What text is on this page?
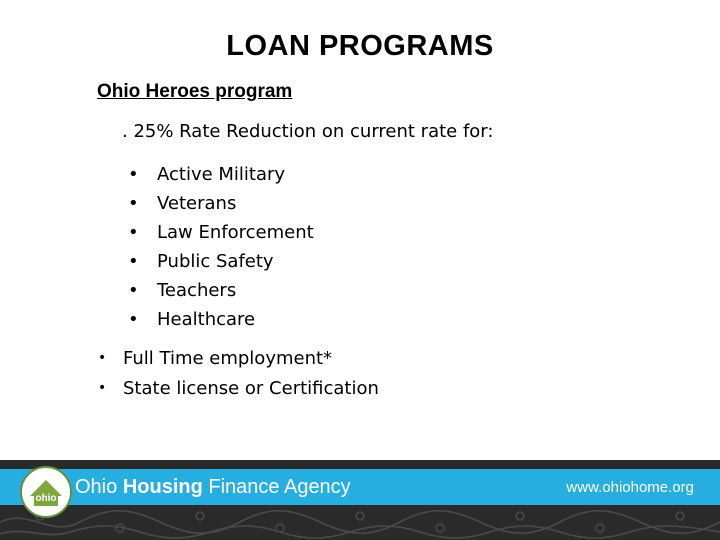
LOAN PROGRAMS
Ohio Heroes program
. 25% Rate Reduction on current rate for:
• Active Military
• Veterans
• Law Enforcement
• Public Safety
• Teachers
• Healthcare
• Full Time employment*
• State license or Certification
Ohio Housing Finance Agency	www.ohiohome.org
ohio
